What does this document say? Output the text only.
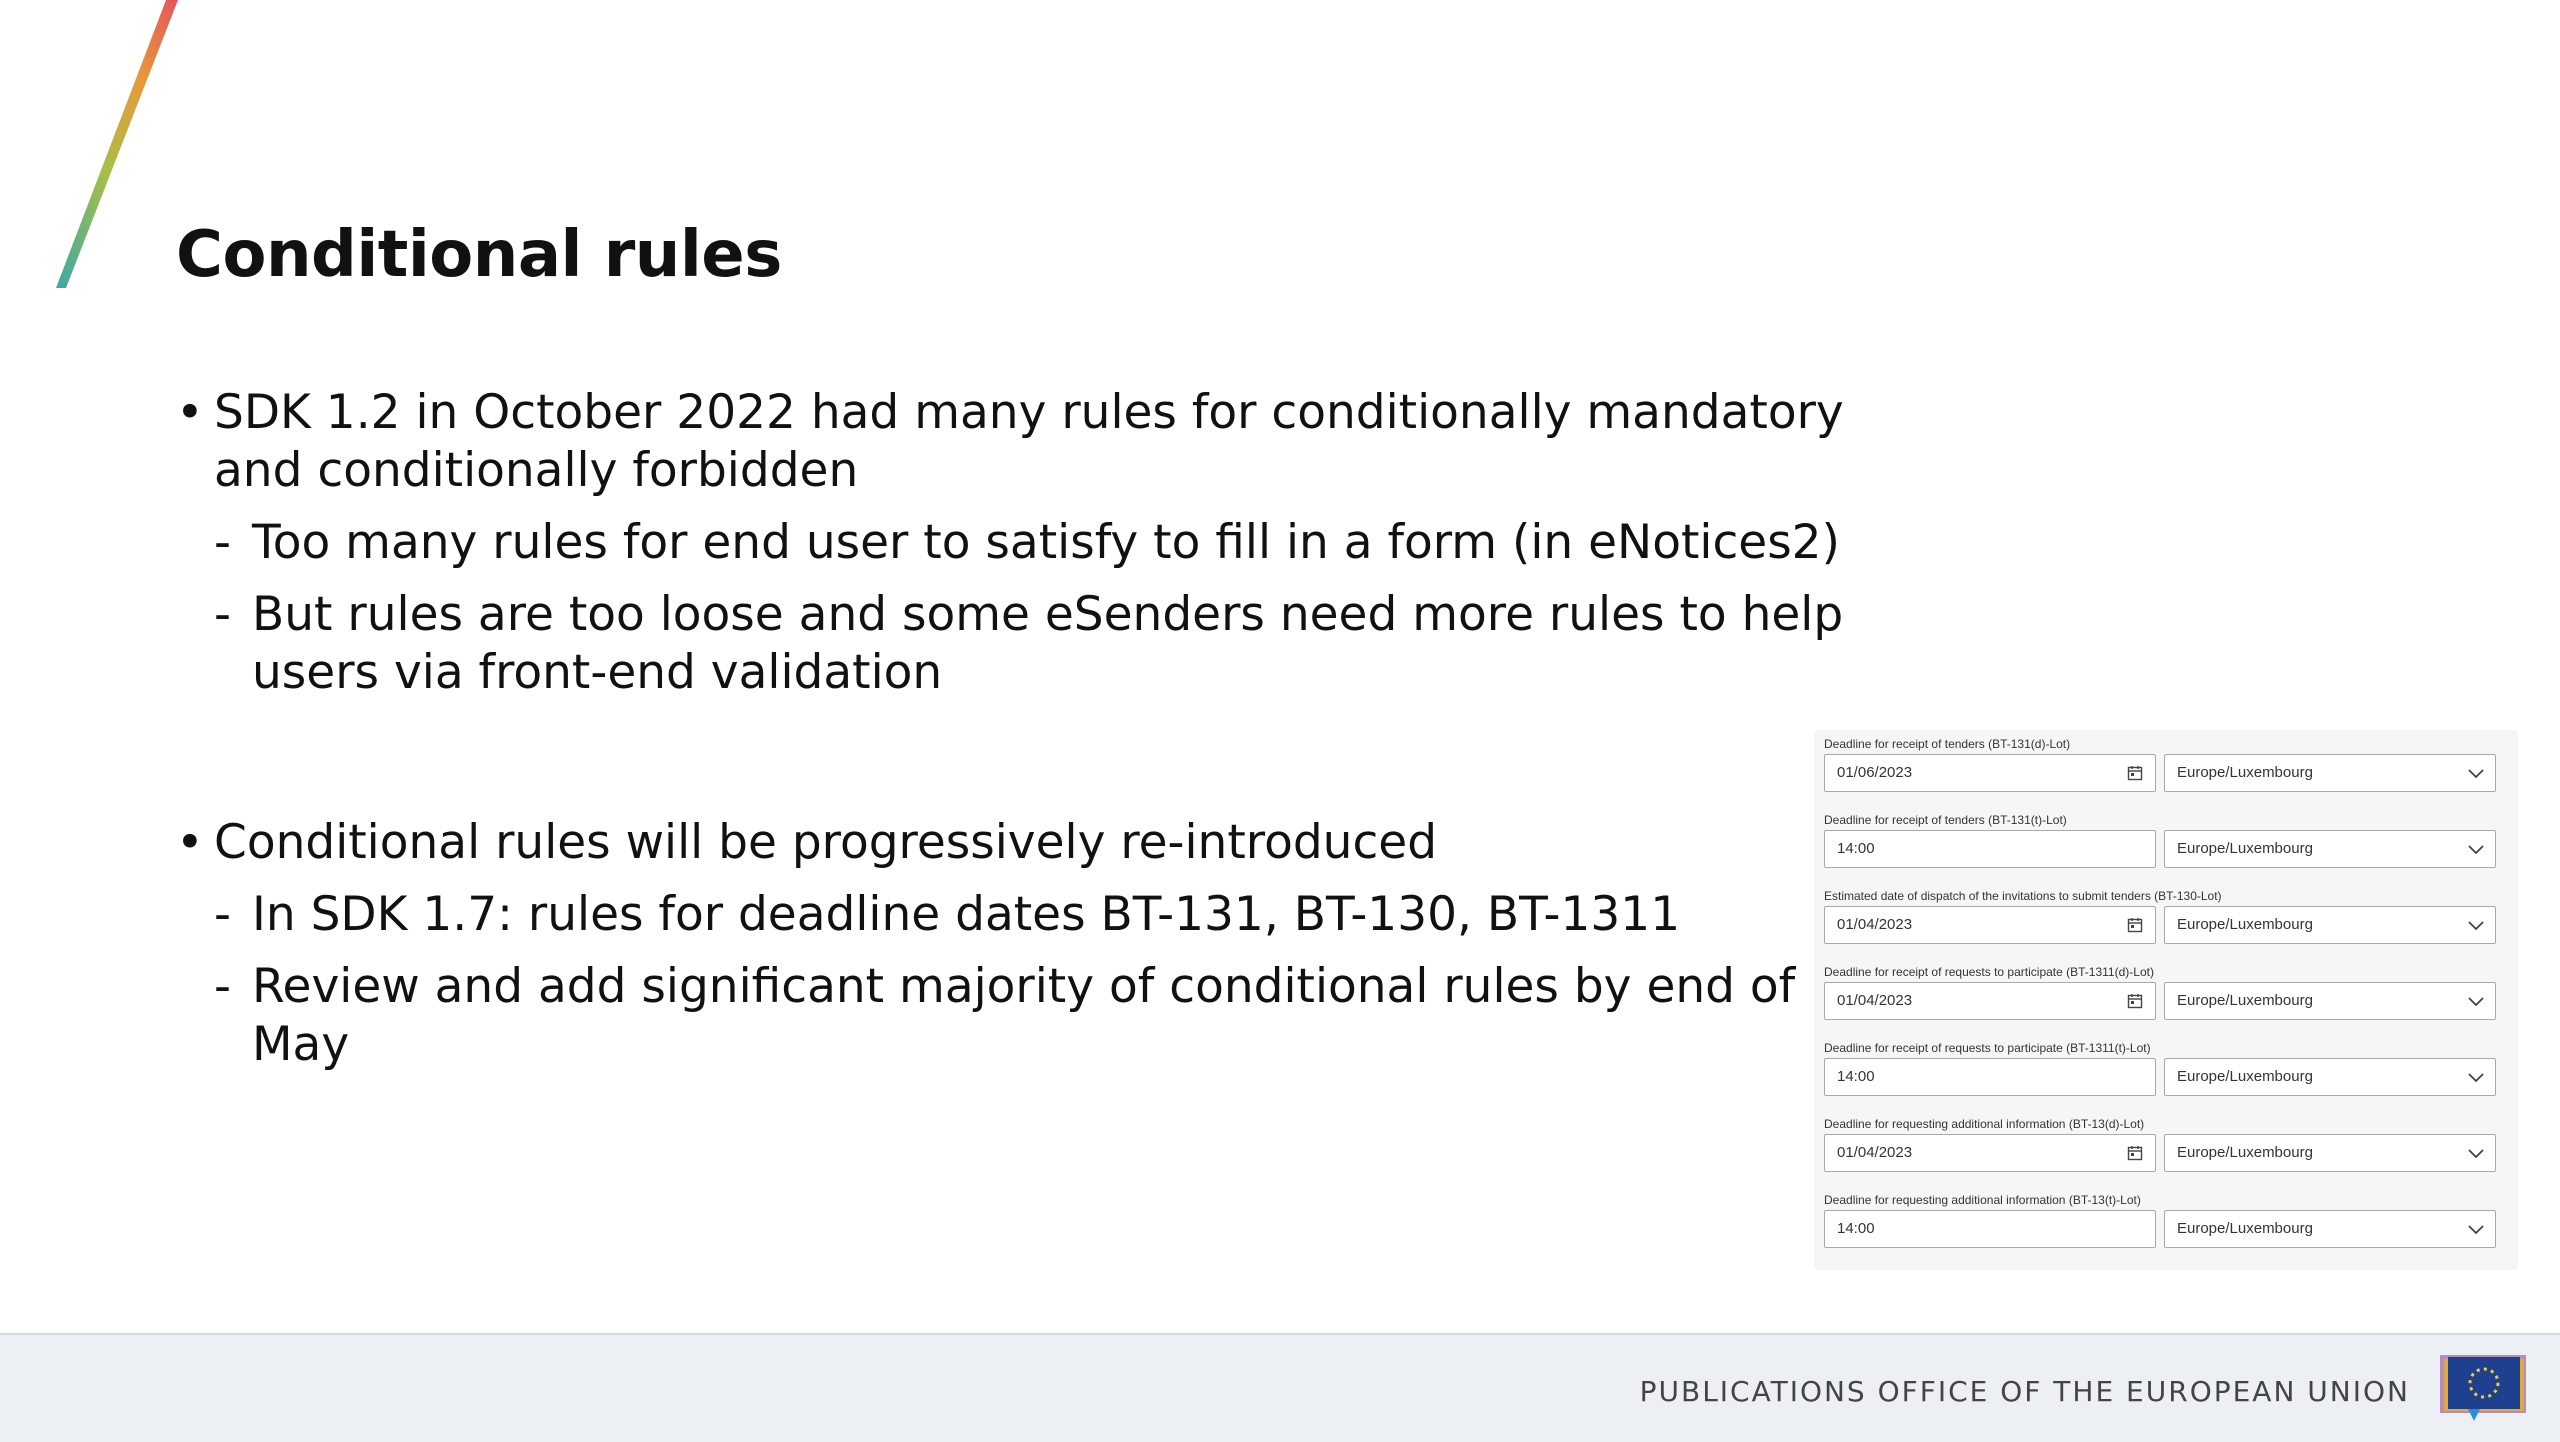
Conditional rules
• SDK 1.2 in October 2022 had many rules for conditionally mandatory and conditionally forbidden
- Too many rules for end user to satisfy to fill in a form (in eNotices2)
- But rules are too loose and some eSenders need more rules to help users via front-end validation
• Conditional rules will be progressively re-introduced
- In SDK 1.7: rules for deadline dates BT-131, BT-130, BT-1311
- Review and add significant majority of conditional rules by end of May
Deadline for receipt of tenders (BT-131(d)-Lot)
01/06/2023	Europe/Luxembourg
Deadline for receipt of tenders (BT-131(t)-Lot)
14:00	Europe/Luxembourg
Estimated date of dispatch of the invitations to submit tenders (BT-130-Lot)
01/04/2023	Europe/Luxembourg
Deadline for receipt of requests to participate (BT-1311(d)-Lot)
01/04/2023	Europe/Luxembourg
Deadline for receipt of requests to participate (BT-1311(t)-Lot)
14:00	Europe/Luxembourg
Deadline for requesting additional information (BT-13(d)-Lot)
01/04/2023	Europe/Luxembourg
Deadline for requesting additional information (BT-13(t)-Lot)
14:00	Europe/Luxembourg
PUBLICATIONS OFFICE OF THE EUROPEAN UNION
